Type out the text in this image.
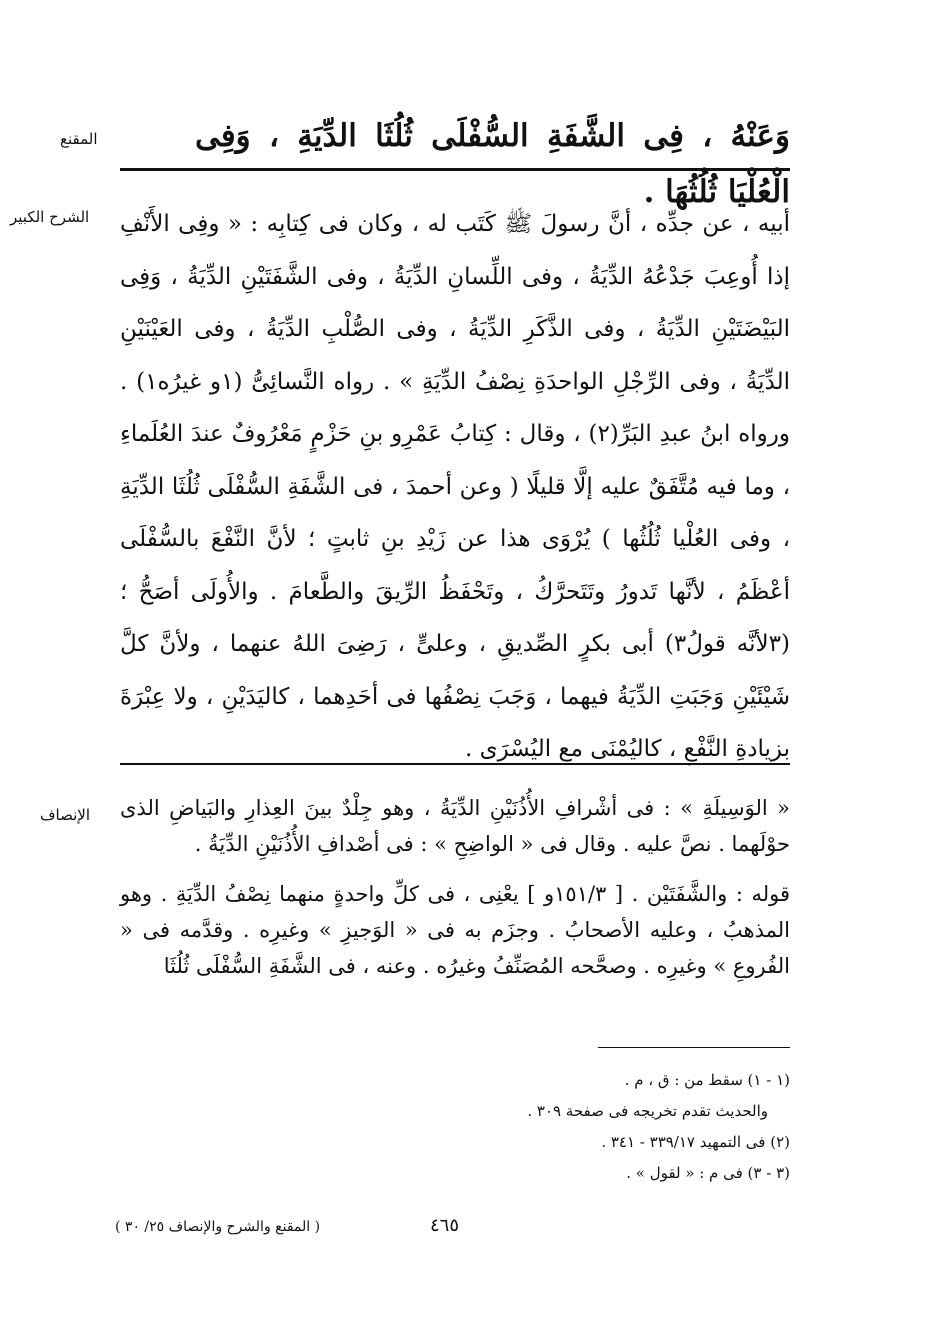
المقنع	وَعَنْهُ ، فِى الشَّفَةِ السُّفْلَى ثُلُثَا الدِّيَةِ ، وَفِى الْعُلْيَا ثُلُثُهَا .
الشرح الكبير أبيه ، عن جدِّه ، أنَّ رسولَ ﷺ كَتَب له ، وكان فى كِتابِه : « وفِى الأَنْفِ إذا أُوعِبَ جَدْعُهُ الدِّيَةُ ، وفى اللِّسانِ الدِّيَةُ ، وفى الشَّفَتَيْنِ الدِّيَةُ ، وَفِى البَيْضَتَيْنِ الدِّيَةُ ، وفى الذَّكَرِ الدِّيَةُ ، وفى الصُّلْبِ الدِّيَةُ ، وفى العَيْنَيْنِ الدِّيَةُ ، وفى الرِّجْلِ الواحدَةِ نِصْفُ الدِّيَةِ » . رواه النَّسائِىُّ (١و غيرُه١) . ورواه ابنُ عبدِ البَرِّ(٢) ، وقال : كِتابُ عَمْرِو بنِ حَزْمٍ مَعْرُوفٌ عندَ العُلَماءِ ، وما فيه مُتَّفَقٌ عليه إلَّا قليلًا ( وعن أحمدَ ، فى الشَّفَةِ السُّفْلَى ثُلُثَا الدِّيَةِ ، وفى العُلْيا ثُلُثُها ) يُرْوَى هذا عن زَيْدِ بنِ ثابتٍ ؛ لأنَّ النَّفْعَ بالسُّفْلَى أعْظَمُ ، لأنَّها تَدورُ وتَتَحرَّكُ ، وتَحْفَظُ الرِّيقَ والطَّعامَ . والأُولَى أصَحُّ ؛ (٣لأنَّه قولُ٣) أبى بكرٍ الصِّديقِ ، وعلىٍّ ، رَضِىَ اللهُ عنهما ، ولأنَّ كلَّ شَيْئَيْنِ وَجَبَتِ الدِّيَةُ فيهما ، وَجَبَ نِصْفُها فى أحَدِهما ، كاليَدَيْنِ ، ولا عِبْرَةَ بزيادةِ النَّفْعِ ، كاليُمْنَى مع اليُسْرَى .
الإنصاف « الوَسِيلَةِ » : فى أشْرافِ الأُذُنَيْنِ الدِّيَةُ ، وهو جِلْدٌ بينَ العِذارِ والبَياضِ الذى حوْلَهما . نصَّ عليه . وقال فى « الواضِحِ » : فى أصْدافِ الأُذُنَيْنِ الدِّيَةُ .

قوله : والشَّفَتَيْن . [ ١٥١/٣و ] يعْنِى ، فى كلِّ واحدةٍ منهما نِصْفُ الدِّيَةِ . وهو المذهبُ ، وعليه الأصحابُ . وجزَم به فى « الوَجيزِ » وغيرِه . وقدَّمه فى « الفُروعِ » وغيرِه . وصحَّحه المُصَنِّفُ وغيرُه . وعنه ، فى الشَّفَةِ السُّفْلَى ثُلُثَا

(١ - ١) سقط من : ق ، م .
والحديث تقدم تخريجه فى صفحة ٣٠٩ .
(٢) فى التمهيد ٣٣٩/١٧ - ٣٤١ .
(٣ - ٣) فى م : « لقول » .
٤٦٥
( المقنع والشرح والإنصاف ٢٥/ ٣٠ )
